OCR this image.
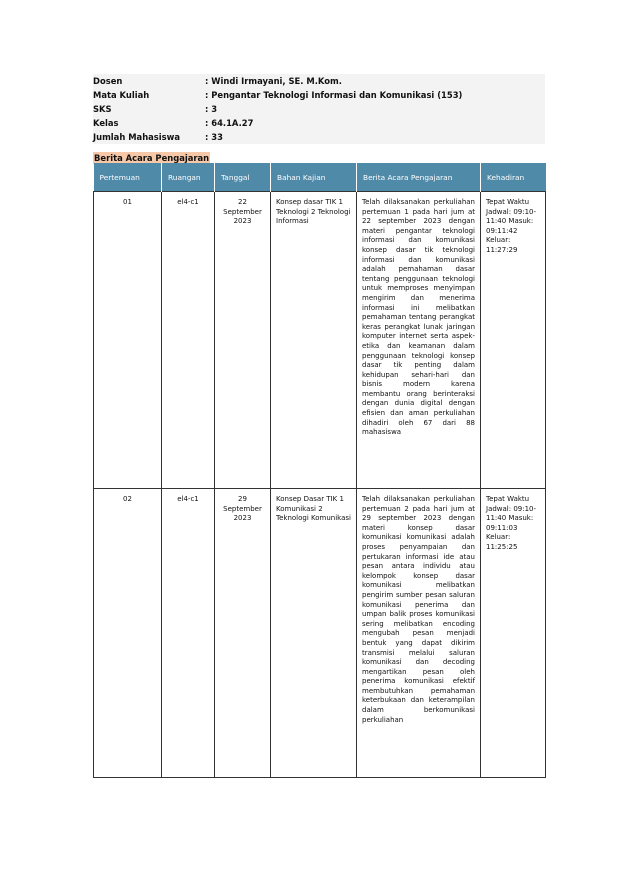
Dosen	: Windi Irmayani, SE. M.Kom.
Mata Kuliah	: Pengantar Teknologi Informasi dan Komunikasi (153)
SKS	: 3
Kelas	: 64.1A.27
Jumlah Mahasiswa	: 33
Berita Acara Pengajaran
Pertemuan	Ruangan	Tanggal	Bahan Kajian	Berita Acara Pengajaran	Kehadiran
01	el4-c1	22 September 2023	Konsep dasar TIK 1 Teknologi 2 Teknologi Informasi	Telah dilaksanakan perkuliahan pertemuan 1 pada hari jum at 22 september 2023 dengan materi pengantar teknologi informasi dan komunikasi konsep dasar tik teknologi informasi dan komunikasi adalah pemahaman dasar tentang penggunaan teknologi untuk memproses menyimpan mengirim dan menerima informasi ini melibatkan pemahaman tentang perangkat keras perangkat lunak jaringan komputer internet serta aspek-etika dan keamanan dalam penggunaan teknologi konsep dasar tik penting dalam kehidupan sehari-hari dan bisnis modern karena membantu orang berinteraksi dengan dunia digital dengan efisien dan aman perkuliahan dihadiri oleh 67 dari 88 mahasiswa	Tepat Waktu Jadwal: 09:10-11:40 Masuk: 09:11:42 Keluar: 11:27:29
02	el4-c1	29 September 2023	Konsep Dasar TIK 1 Komunikasi 2 Teknologi Komunikasi	Telah dilaksanakan perkuliahan pertemuan 2 pada hari jum at 29 september 2023 dengan materi konsep dasar komunikasi komunikasi adalah proses penyampaian dan pertukaran informasi ide atau pesan antara individu atau kelompok konsep dasar komunikasi melibatkan pengirim sumber pesan saluran komunikasi penerima dan umpan balik proses komunikasi sering melibatkan encoding mengubah pesan menjadi bentuk yang dapat dikirim transmisi melalui saluran komunikasi dan decoding mengartikan pesan oleh penerima komunikasi efektif membutuhkan pemahaman keterbukaan dan keterampilan dalam berkomunikasi perkuliahan	Tepat Waktu Jadwal: 09:10-11:40 Masuk: 09:11:03 Keluar: 11:25:25
